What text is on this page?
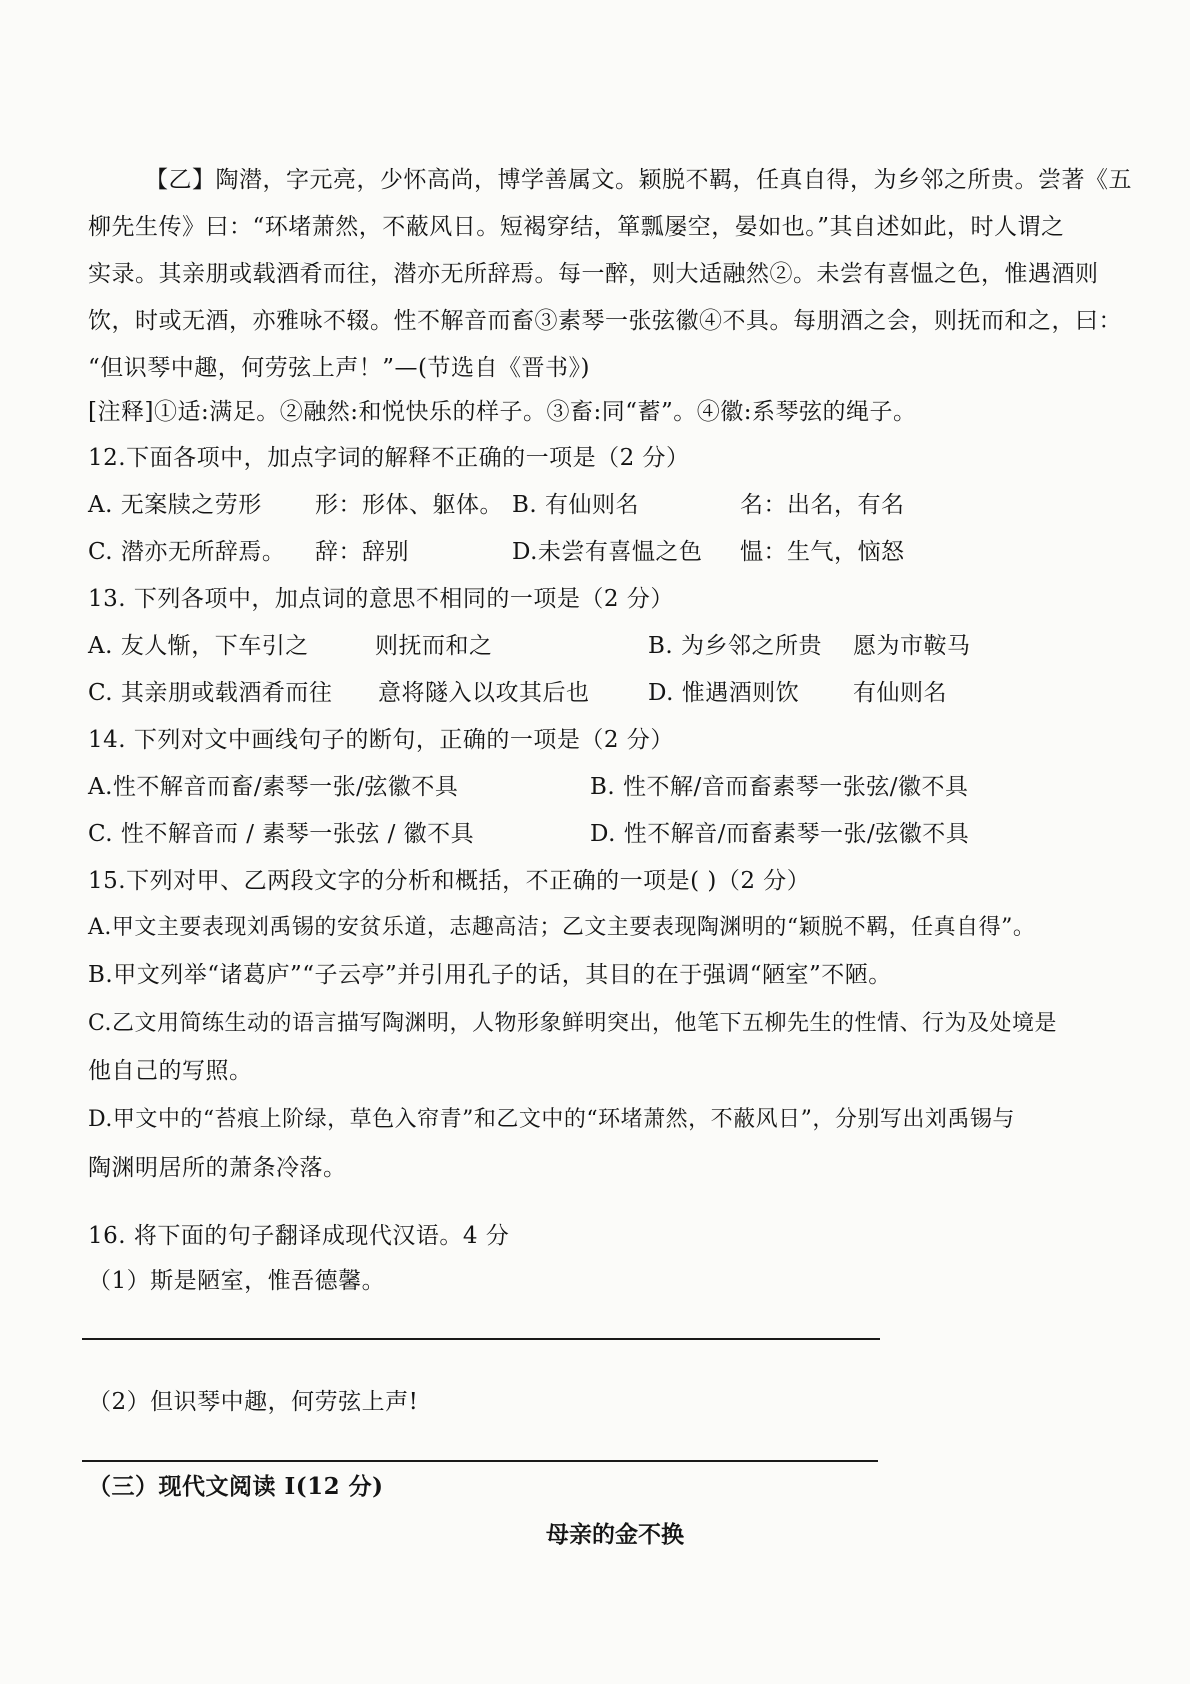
【乙】陶潜，字元亮，少怀高尚，博学善属文。颖脱不羁，任真自得，为乡邻之所贵。尝著《五
柳先生传》曰：“环堵萧然，不蔽风日。短褐穿结，箪瓢屡空，晏如也。”其自述如此，时人谓之
实录。其亲朋或载酒肴而往，潜亦无所辞焉。每一醉，则大适融然②。未尝有喜愠之色，惟遇酒则
饮，时或无酒，亦雅咏不辍。性不解音而畜③素琴一张弦徽④不具。每朋酒之会，则抚而和之，曰：
“但识琴中趣，何劳弦上声！”—(节选自《晋书》)
[注释]①适:满足。②融然:和悦快乐的样子。③畜:同“蓄”。④徽:系琴弦的绳子。
12.下面各项中，加点字词的解释不正确的一项是（2 分）
A. 无案牍之劳形 形：形体、躯体。 B. 有仙则名	名：出名，有名
C. 潜亦无所辞焉。 辞：辞别	D.未尝有喜愠之色 愠：生气，恼怒
13. 下列各项中，加点词的意思不相同的一项是（2 分）
A. 友人惭，下车引之	则抚而和之	B. 为乡邻之所贵 愿为市鞍马
C. 其亲朋或载酒肴而往 意将隧入以攻其后也	D. 惟遇酒则饮 有仙则名
14. 下列对文中画线句子的断句，正确的一项是（2 分）
A.性不解音而畜/素琴一张/弦徽不具	B. 性不解/音而畜素琴一张弦/徽不具
C. 性不解音而 / 素琴一张弦 / 徽不具	D. 性不解音/而畜素琴一张/弦徽不具
15.下列对甲、乙两段文字的分析和概括，不正确的一项是( )（2 分）
A.甲文主要表现刘禹锡的安贫乐道，志趣高洁；乙文主要表现陶渊明的“颖脱不羁，任真自得”。
B.甲文列举“诸葛庐”“子云亭”并引用孔子的话，其目的在于强调“陋室”不陋。
C.乙文用简练生动的语言描写陶渊明，人物形象鲜明突出，他笔下五柳先生的性情、行为及处境是
他自己的写照。
D.甲文中的“苔痕上阶绿，草色入帘青”和乙文中的“环堵萧然，不蔽风日”，分别写出刘禹锡与
陶渊明居所的萧条冷落。
16. 将下面的句子翻译成现代汉语。4 分
（1）斯是陋室，惟吾德馨。
（2）但识琴中趣，何劳弦上声!
（三）现代文阅读 I(12 分)
母亲的金不换
